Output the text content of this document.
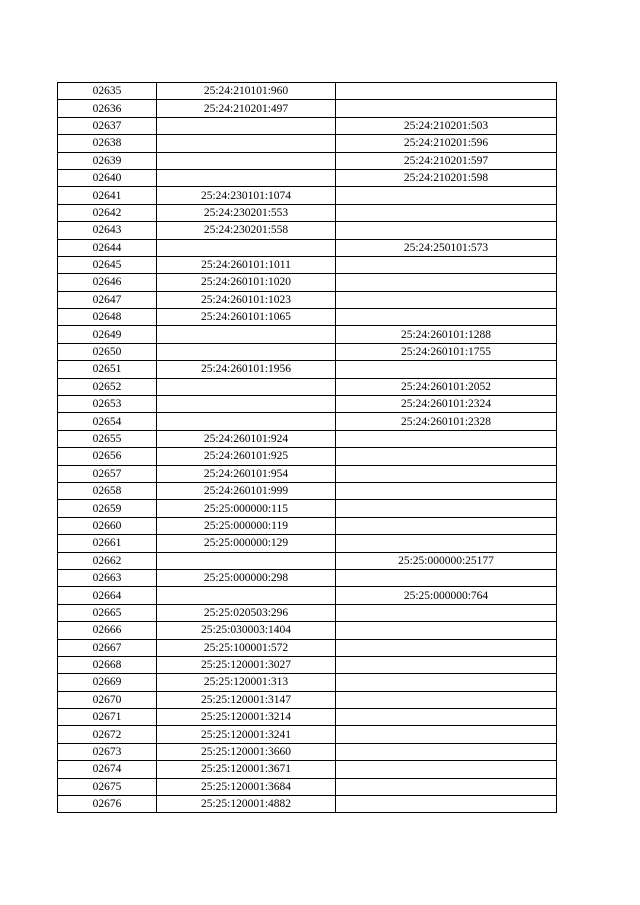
02635	25:24:210101:960	
02636	25:24:210201:497	
02637		25:24:210201:503
02638		25:24:210201:596
02639		25:24:210201:597
02640		25:24:210201:598
02641	25:24:230101:1074	
02642	25:24:230201:553	
02643	25:24:230201:558	
02644		25:24:250101:573
02645	25:24:260101:1011	
02646	25:24:260101:1020	
02647	25:24:260101:1023	
02648	25:24:260101:1065	
02649		25:24:260101:1288
02650		25:24:260101:1755
02651	25:24:260101:1956	
02652		25:24:260101:2052
02653		25:24:260101:2324
02654		25:24:260101:2328
02655	25:24:260101:924	
02656	25:24:260101:925	
02657	25:24:260101:954	
02658	25:24:260101:999	
02659	25:25:000000:115	
02660	25:25:000000:119	
02661	25:25:000000:129	
02662		25:25:000000:25177
02663	25:25:000000:298	
02664		25:25:000000:764
02665	25:25:020503:296	
02666	25:25:030003:1404	
02667	25:25:100001:572	
02668	25:25:120001:3027	
02669	25:25:120001:313	
02670	25:25:120001:3147	
02671	25:25:120001:3214	
02672	25:25:120001:3241	
02673	25:25:120001:3660	
02674	25:25:120001:3671	
02675	25:25:120001:3684	
02676	25:25:120001:4882	
